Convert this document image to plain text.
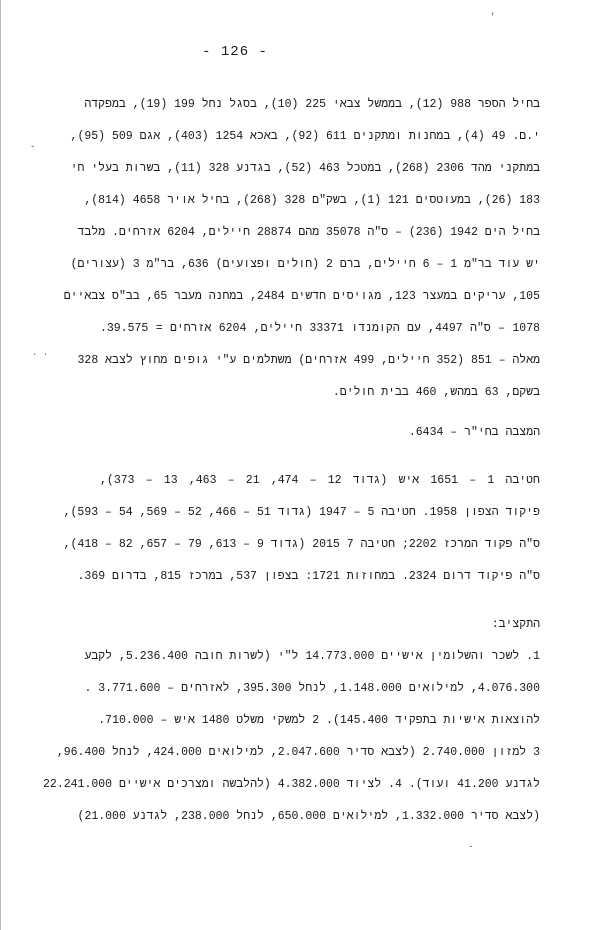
'
-
· ·
-
- 126 -
בחיל הספר 988 (12), בממשל צבאי 225 (10), בסגל נחל 199 (19), במפקדה
י.ם. 49 (4), במחנות ומתקנים 611 (92), באכא 1254 (403), אגם 509 (95),
במתקני מהד 2306 (268), במטכל 463 (52), בגדנע 328 (11), בשרות בעלי חי
183 (26), במעוטסים 121 (1), בשק"ם 328 (268), בחיל אויר 4658 (814),
בחיל הים 1942 (236) – ס"ה 35078 מהם 28874 חיילים, 6204 אזרחים. מלבד
יש עוד בר"מ 1 – 6 חיילים, ברם 2 (חולים ופצועים) 636, בר"מ 3 (עצורים)
105, עריקים במעצר 123, מגויסים חדשים 2484, במחנה מעבר 65, בב"ס צבאיים
1078 – ס"ה 4497, עם הקומנדו 33371 חיילים, 6204 אזרחים = 39.575.
מאלה – 851 (352 חיילים, 499 אזרחים) משתלמים ע"י גופים מחוץ לצבא 328
בשקם, 63 במהש, 460 בבית חולים.
המצבה בחי"ר – 6434.
חטיבה 1 – 1651 איש (גדוד 12 – 474, 21 – 463, 13 – 373),
פיקוד הצפון 1958. חטיבה 5 – 1947 (גדוד 51 – 466, 52 – 569, 54 – 593),
ס"ה פקוד המרכז 2202; חטיבה 7 2015 (גדוד 9 – 613, 79 – 657, 82 – 418),
ס"ה פיקוד דרום 2324. במחוזות 1721: בצפון 537, במרכז 815, בדרום 369.
התקציב:
1. לשכר והשלומין אישיים 14.773.000 ל"י (לשרות חובה 5.236.400, לקבע
4.076.300, למילואים 1.148.000, לנחל 395.300, לאזרחים – 3.771.600 .
להוצאות אישיות בתפקיד 145.400). 2 למשקי משלט 1480 איש – 710.000.
3 למזון 2.740.000 (לצבא סדיר 2.047.600, למילואים 424.000, לנחל 96.400,
לגדנע 41.200 ועוד). 4. לציוד 4.382.000 (להלבשה ומצרכים אישיים 22.241.000
(לצבא סדיר 1.332.000, למילואים 650.000, לנחל 238.000, לגדנע 21.000)
